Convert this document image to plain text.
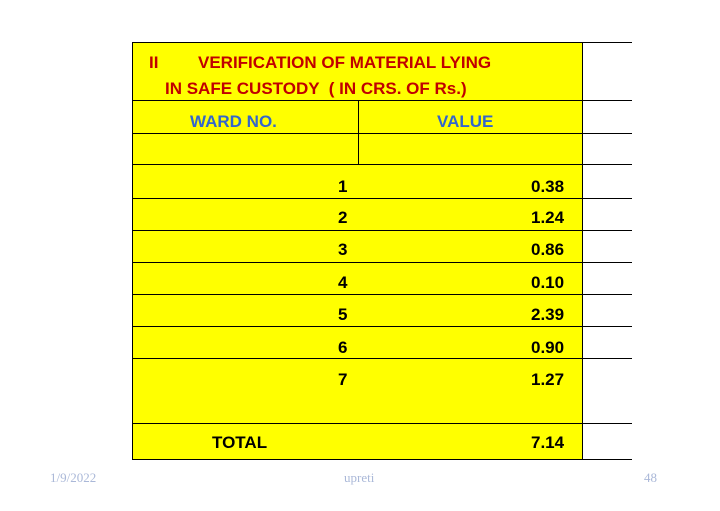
II VERIFICATION OF MATERIAL LYING
IN SAFE CUSTODY  ( IN CRS. OF Rs.)
WARD NO.	VALUE
1	0.38
2	1.24
3	0.86
4	0.10
5	2.39
6	0.90
7	1.27
TOTAL	7.14
1/9/2022	upreti	48
